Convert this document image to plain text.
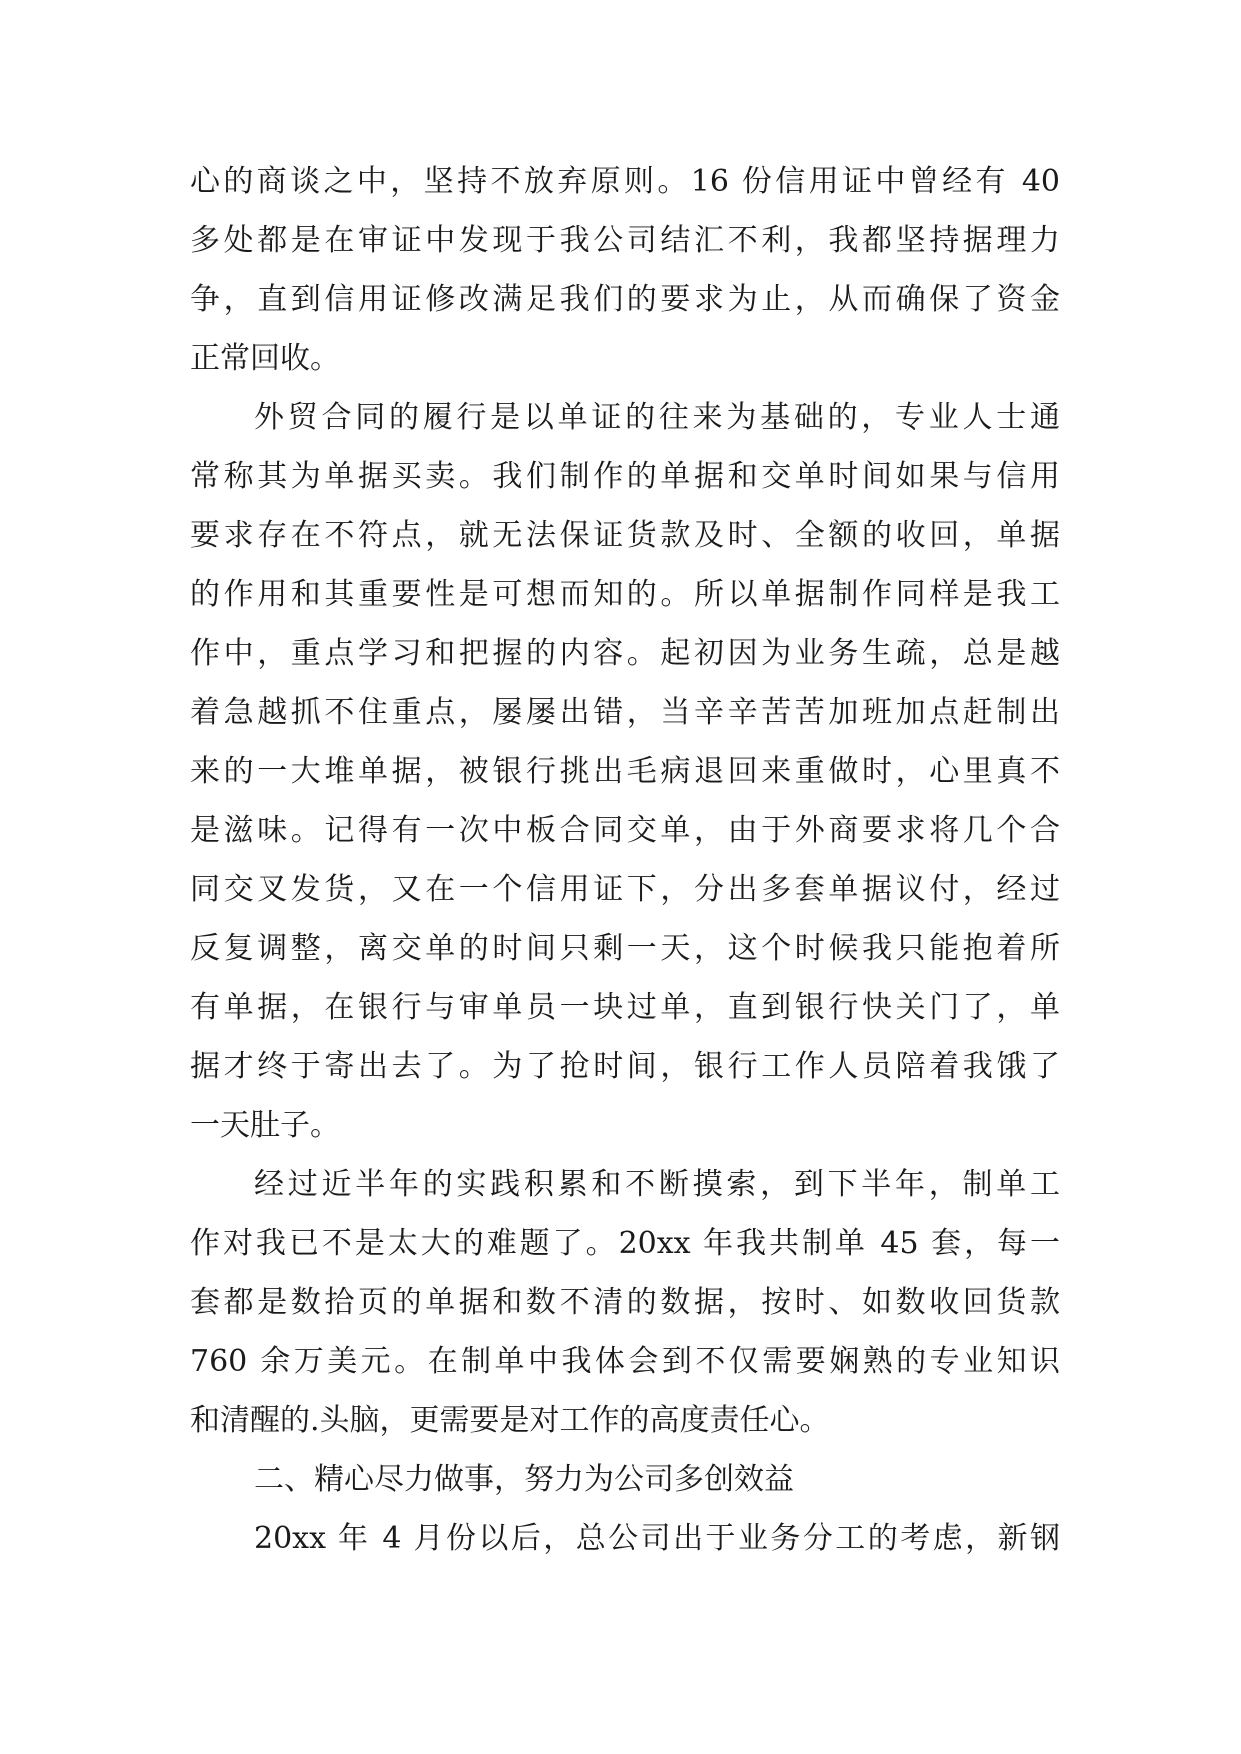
心的商谈之中，坚持不放弃原则。16 份信用证中曾经有 40
多处都是在审证中发现于我公司结汇不利，我都坚持据理力
争，直到信用证修改满足我们的要求为止，从而确保了资金
正常回收。
外贸合同的履行是以单证的往来为基础的，专业人士通
常称其为单据买卖。我们制作的单据和交单时间如果与信用
要求存在不符点，就无法保证货款及时、全额的收回，单据
的作用和其重要性是可想而知的。所以单据制作同样是我工
作中，重点学习和把握的内容。起初因为业务生疏，总是越
着急越抓不住重点，屡屡出错，当辛辛苦苦加班加点赶制出
来的一大堆单据，被银行挑出毛病退回来重做时，心里真不
是滋味。记得有一次中板合同交单，由于外商要求将几个合
同交叉发货，又在一个信用证下，分出多套单据议付，经过
反复调整，离交单的时间只剩一天，这个时候我只能抱着所
有单据，在银行与审单员一块过单，直到银行快关门了，单
据才终于寄出去了。为了抢时间，银行工作人员陪着我饿了
一天肚子。
经过近半年的实践积累和不断摸索，到下半年，制单工
作对我已不是太大的难题了。20xx 年我共制单 45 套，每一
套都是数拾页的单据和数不清的数据，按时、如数收回货款
760 余万美元。在制单中我体会到不仅需要娴熟的专业知识
和清醒的.头脑，更需要是对工作的高度责任心。
二、精心尽力做事，努力为公司多创效益
20xx 年 4 月份以后，总公司出于业务分工的考虑，新钢
